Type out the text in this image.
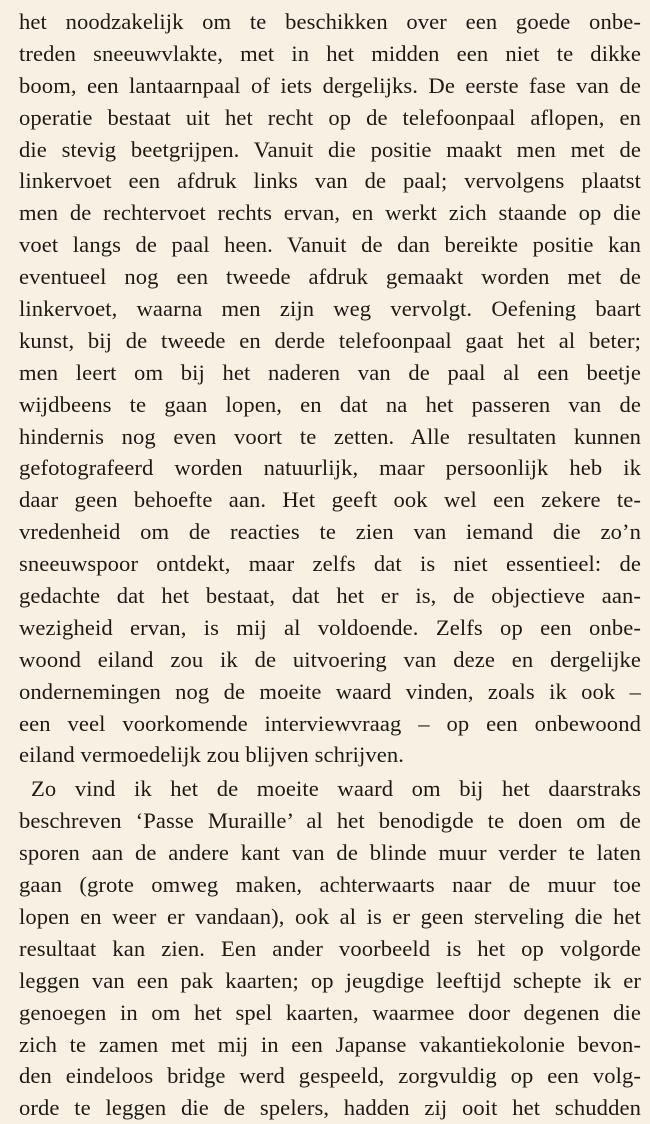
het noodzakelijk om te beschikken over een goede onbe-
treden sneeuwvlakte, met in het midden een niet te dikke
boom, een lantaarnpaal of iets dergelijks. De eerste fase van de
operatie bestaat uit het recht op de telefoonpaal aflopen, en
die stevig beetgrijpen. Vanuit die positie maakt men met de
linkervoet een afdruk links van de paal; vervolgens plaatst
men de rechtervoet rechts ervan, en werkt zich staande op die
voet langs de paal heen. Vanuit de dan bereikte positie kan
eventueel nog een tweede afdruk gemaakt worden met de
linkervoet, waarna men zijn weg vervolgt. Oefening baart
kunst, bij de tweede en derde telefoonpaal gaat het al beter;
men leert om bij het naderen van de paal al een beetje
wijdbeens te gaan lopen, en dat na het passeren van de
hindernis nog even voort te zetten. Alle resultaten kunnen
gefotografeerd worden natuurlijk, maar persoonlijk heb ik
daar geen behoefte aan. Het geeft ook wel een zekere te-
vredenheid om de reacties te zien van iemand die zo’n
sneeuwspoor ontdekt, maar zelfs dat is niet essentieel: de
gedachte dat het bestaat, dat het er is, de objectieve aan-
wezigheid ervan, is mij al voldoende. Zelfs op een onbe-
woond eiland zou ik de uitvoering van deze en dergelijke
ondernemingen nog de moeite waard vinden, zoals ik ook –
een veel voorkomende interviewvraag – op een onbewoond
eiland vermoedelijk zou blijven schrijven.
Zo vind ik het de moeite waard om bij het daarstraks
beschreven ‘Passe Muraille’ al het benodigde te doen om de
sporen aan de andere kant van de blinde muur verder te laten
gaan (grote omweg maken, achterwaarts naar de muur toe
lopen en weer er vandaan), ook al is er geen sterveling die het
resultaat kan zien. Een ander voorbeeld is het op volgorde
leggen van een pak kaarten; op jeugdige leeftijd schepte ik er
genoegen in om het spel kaarten, waarmee door degenen die
zich te zamen met mij in een Japanse vakantiekolonie bevon-
den eindeloos bridge werd gespeeld, zorgvuldig op een volg-
orde te leggen die de spelers, hadden zij ooit het schudden
